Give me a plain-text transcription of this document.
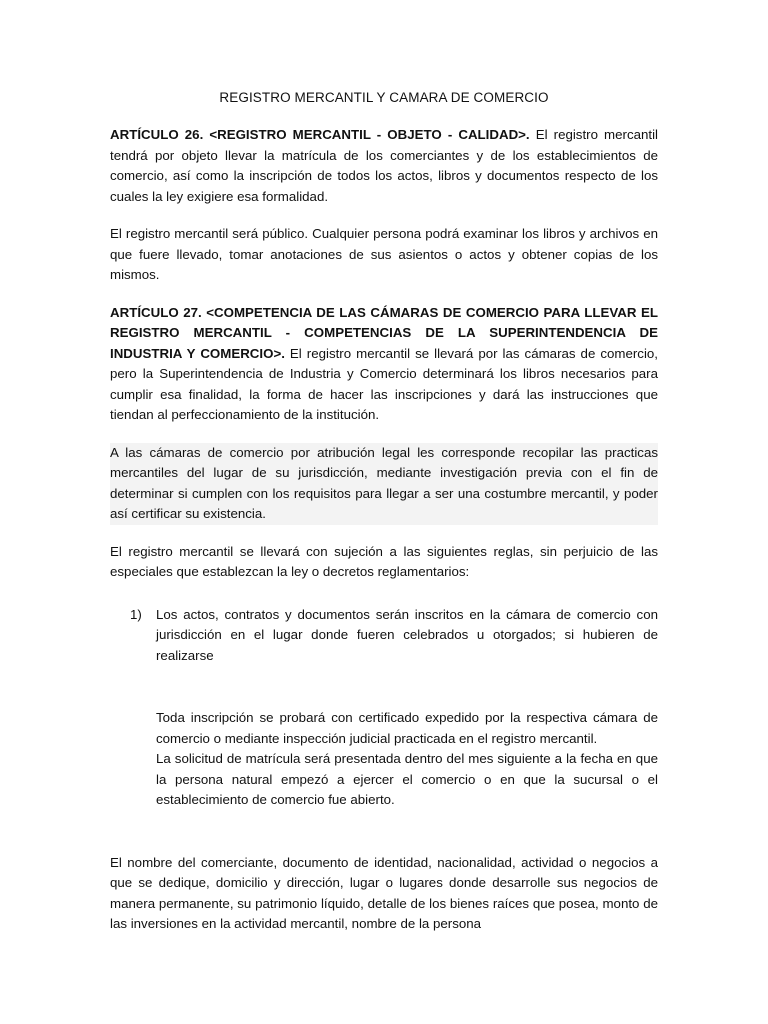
REGISTRO MERCANTIL Y CAMARA DE COMERCIO

ARTÍCULO 26. <REGISTRO MERCANTIL - OBJETO - CALIDAD>. El registro mercantil tendrá por objeto llevar la matrícula de los comerciantes y de los establecimientos de comercio, así como la inscripción de todos los actos, libros y documentos respecto de los cuales la ley exigiere esa formalidad.

El registro mercantil será público. Cualquier persona podrá examinar los libros y archivos en que fuere llevado, tomar anotaciones de sus asientos o actos y obtener copias de los mismos.

ARTÍCULO 27. <COMPETENCIA DE LAS CÁMARAS DE COMERCIO PARA LLEVAR EL REGISTRO MERCANTIL - COMPETENCIAS DE LA SUPERINTENDENCIA DE INDUSTRIA Y COMERCIO>. El registro mercantil se llevará por las cámaras de comercio, pero la Superintendencia de Industria y Comercio determinará los libros necesarios para cumplir esa finalidad, la forma de hacer las inscripciones y dará las instrucciones que tiendan al perfeccionamiento de la institución.

A las cámaras de comercio por atribución legal les corresponde recopilar las practicas mercantiles del lugar de su jurisdicción, mediante investigación previa con el fin de determinar si cumplen con los requisitos para llegar a ser una costumbre mercantil, y poder así certificar su existencia.

El registro mercantil se llevará con sujeción a las siguientes reglas, sin perjuicio de las especiales que establezcan la ley o decretos reglamentarios:

1) Los actos, contratos y documentos serán inscritos en la cámara de comercio con jurisdicción en el lugar donde fueren celebrados u otorgados; si hubieren de realizarse
Toda inscripción se probará con certificado expedido por la respectiva cámara de comercio o mediante inspección judicial practicada en el registro mercantil.
La solicitud de matrícula será presentada dentro del mes siguiente a la fecha en que la persona natural empezó a ejercer el comercio o en que la sucursal o el establecimiento de comercio fue abierto.

El nombre del comerciante, documento de identidad, nacionalidad, actividad o negocios a que se dedique, domicilio y dirección, lugar o lugares donde desarrolle sus negocios de manera permanente, su patrimonio líquido, detalle de los bienes raíces que posea, monto de las inversiones en la actividad mercantil, nombre de la persona
